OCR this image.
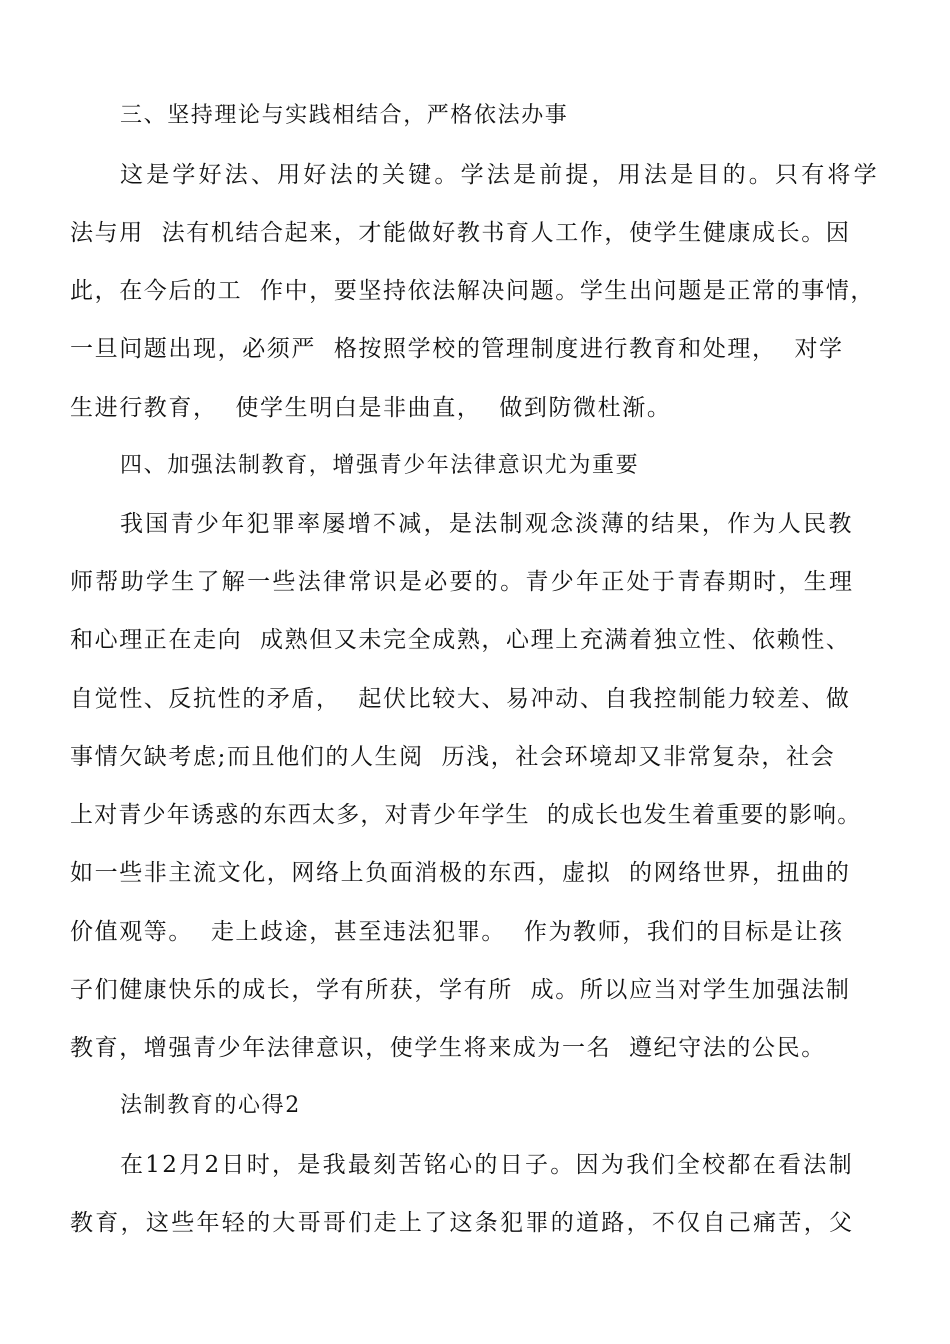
三、坚持理论与实践相结合，严格依法办事
这是学好法、用好法的关键。学法是前提，用法是目的。只有将学
法与用  法有机结合起来，才能做好教书育人工作，使学生健康成长。因
此，在今后的工  作中，要坚持依法解决问题。学生出问题是正常的事情，
一旦问题出现，必须严  格按照学校的管理制度进行教育和处理，  对学
生进行教育，  使学生明白是非曲直，  做到防微杜渐。
四、加强法制教育，增强青少年法律意识尤为重要
我国青少年犯罪率屡增不减，是法制观念淡薄的结果，作为人民教
师帮助学生了解一些法律常识是必要的。青少年正处于青春期时，生理
和心理正在走向  成熟但又未完全成熟，心理上充满着独立性、依赖性、
自觉性、反抗性的矛盾，  起伏比较大、易冲动、自我控制能力较差、做
事情欠缺考虑;而且他们的人生阅  历浅，社会环境却又非常复杂，社会
上对青少年诱惑的东西太多，对青少年学生  的成长也发生着重要的影响。
如一些非主流文化，网络上负面消极的东西，虚拟  的网络世界，扭曲的
价值观等。  走上歧途，甚至违法犯罪。  作为教师，我们的目标是让孩
子们健康快乐的成长，学有所获，学有所  成。所以应当对学生加强法制
教育，增强青少年法律意识，使学生将来成为一名  遵纪守法的公民。
法制教育的心得2
在12月2日时，是我最刻苦铭心的日子。因为我们全校都在看法制
教育，这些年轻的大哥哥们走上了这条犯罪的道路，不仅自己痛苦，父
